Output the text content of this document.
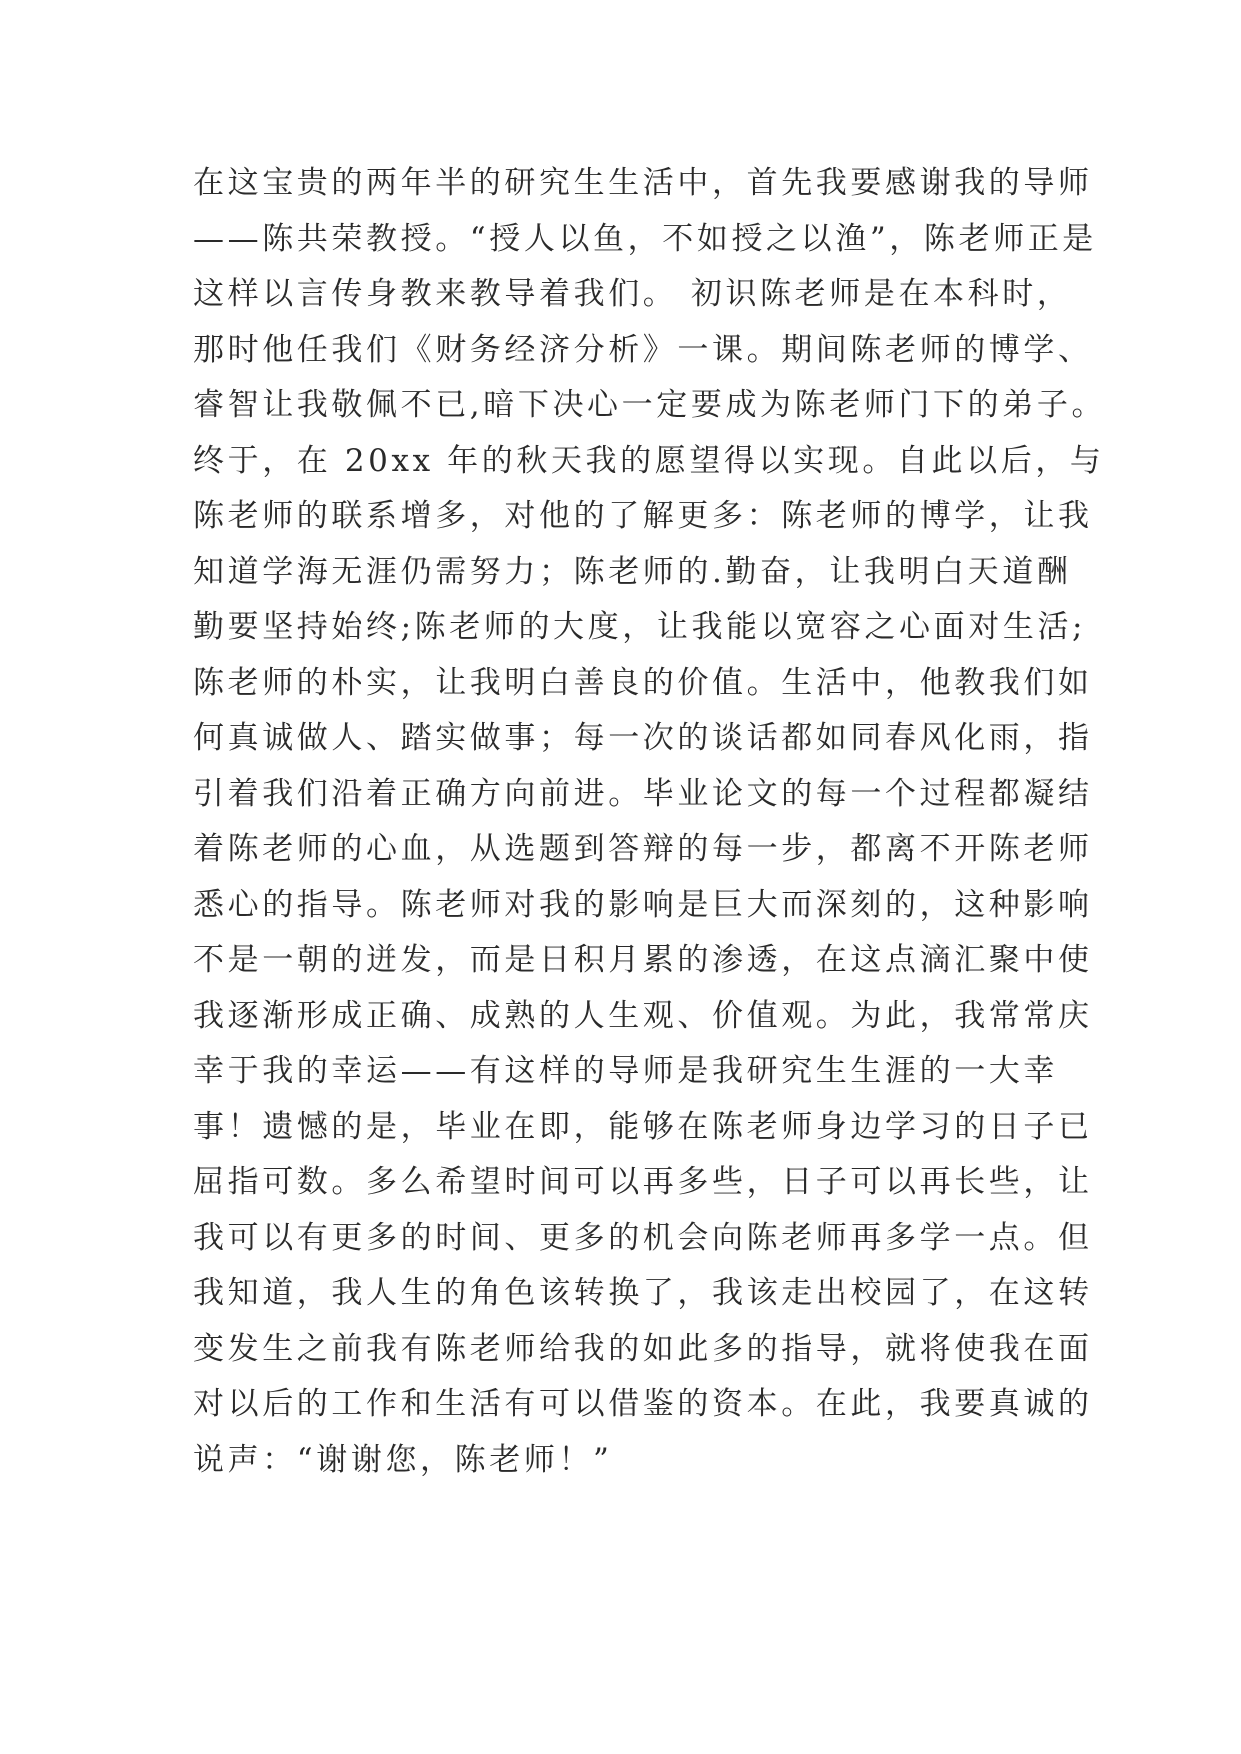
在这宝贵的两年半的研究生生活中，首先我要感谢我的导师
——陈共荣教授。“授人以鱼，不如授之以渔”，陈老师正是
这样以言传身教来教导着我们。 初识陈老师是在本科时，
那时他任我们《财务经济分析》一课。期间陈老师的博学、
睿智让我敬佩不已,暗下决心一定要成为陈老师门下的弟子。
终于，在 20xx 年的秋天我的愿望得以实现。自此以后，与
陈老师的联系增多，对他的了解更多：陈老师的博学，让我
知道学海无涯仍需努力；陈老师的.勤奋，让我明白天道酬
勤要坚持始终;陈老师的大度，让我能以宽容之心面对生活;
陈老师的朴实，让我明白善良的价值。生活中，他教我们如
何真诚做人、踏实做事；每一次的谈话都如同春风化雨，指
引着我们沿着正确方向前进。毕业论文的每一个过程都凝结
着陈老师的心血，从选题到答辩的每一步，都离不开陈老师
悉心的指导。陈老师对我的影响是巨大而深刻的，这种影响
不是一朝的迸发，而是日积月累的渗透，在这点滴汇聚中使
我逐渐形成正确、成熟的人生观、价值观。为此，我常常庆
幸于我的幸运——有这样的导师是我研究生生涯的一大幸
事！遗憾的是，毕业在即，能够在陈老师身边学习的日子已
屈指可数。多么希望时间可以再多些，日子可以再长些，让
我可以有更多的时间、更多的机会向陈老师再多学一点。但
我知道，我人生的角色该转换了，我该走出校园了，在这转
变发生之前我有陈老师给我的如此多的指导，就将使我在面
对以后的工作和生活有可以借鉴的资本。在此，我要真诚的
说声：“谢谢您，陈老师！”
